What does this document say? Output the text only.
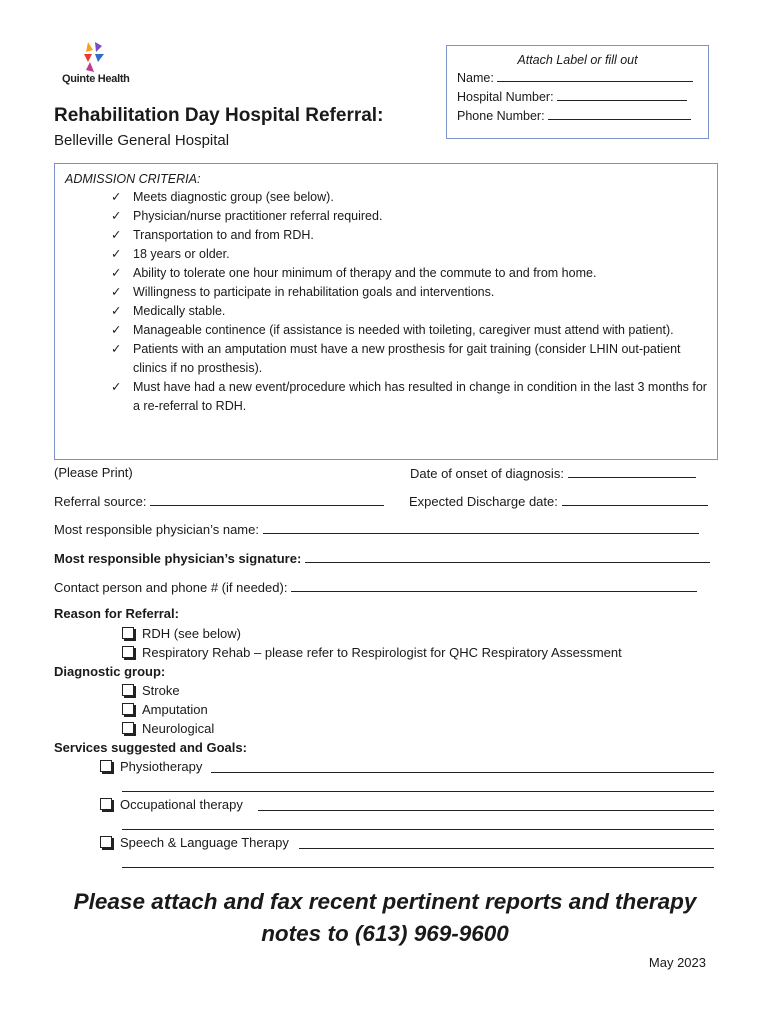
Quinte Health
Rehabilitation Day Hospital Referral:
Belleville General Hospital
Attach Label or fill out
Name:
Hospital Number:
Phone Number:
ADMISSION CRITERIA:
✓ Meets diagnostic group (see below).
✓ Physician/nurse practitioner referral required.
✓ Transportation to and from RDH.
✓ 18 years or older.
✓ Ability to tolerate one hour minimum of therapy and the commute to and from home.
✓ Willingness to participate in rehabilitation goals and interventions.
✓ Medically stable.
✓ Manageable continence (if assistance is needed with toileting, caregiver must attend with patient).
✓ Patients with an amputation must have a new prosthesis for gait training (consider LHIN out-patient clinics if no prosthesis).
✓ Must have had a new event/procedure which has resulted in change in condition in the last 3 months for a re-referral to RDH.
(Please Print)	Date of onset of diagnosis:
Referral source:	Expected Discharge date:
Most responsible physician’s name:
Most responsible physician’s signature:
Contact person and phone # (if needed):
Reason for Referral:
RDH (see below)
Respiratory Rehab – please refer to Respirologist for QHC Respiratory Assessment
Diagnostic group:
Stroke
Amputation
Neurological
Services suggested and Goals:
Physiotherapy
Occupational therapy
Speech & Language Therapy
Please attach and fax recent pertinent reports and therapy notes to (613) 969-9600
May 2023
